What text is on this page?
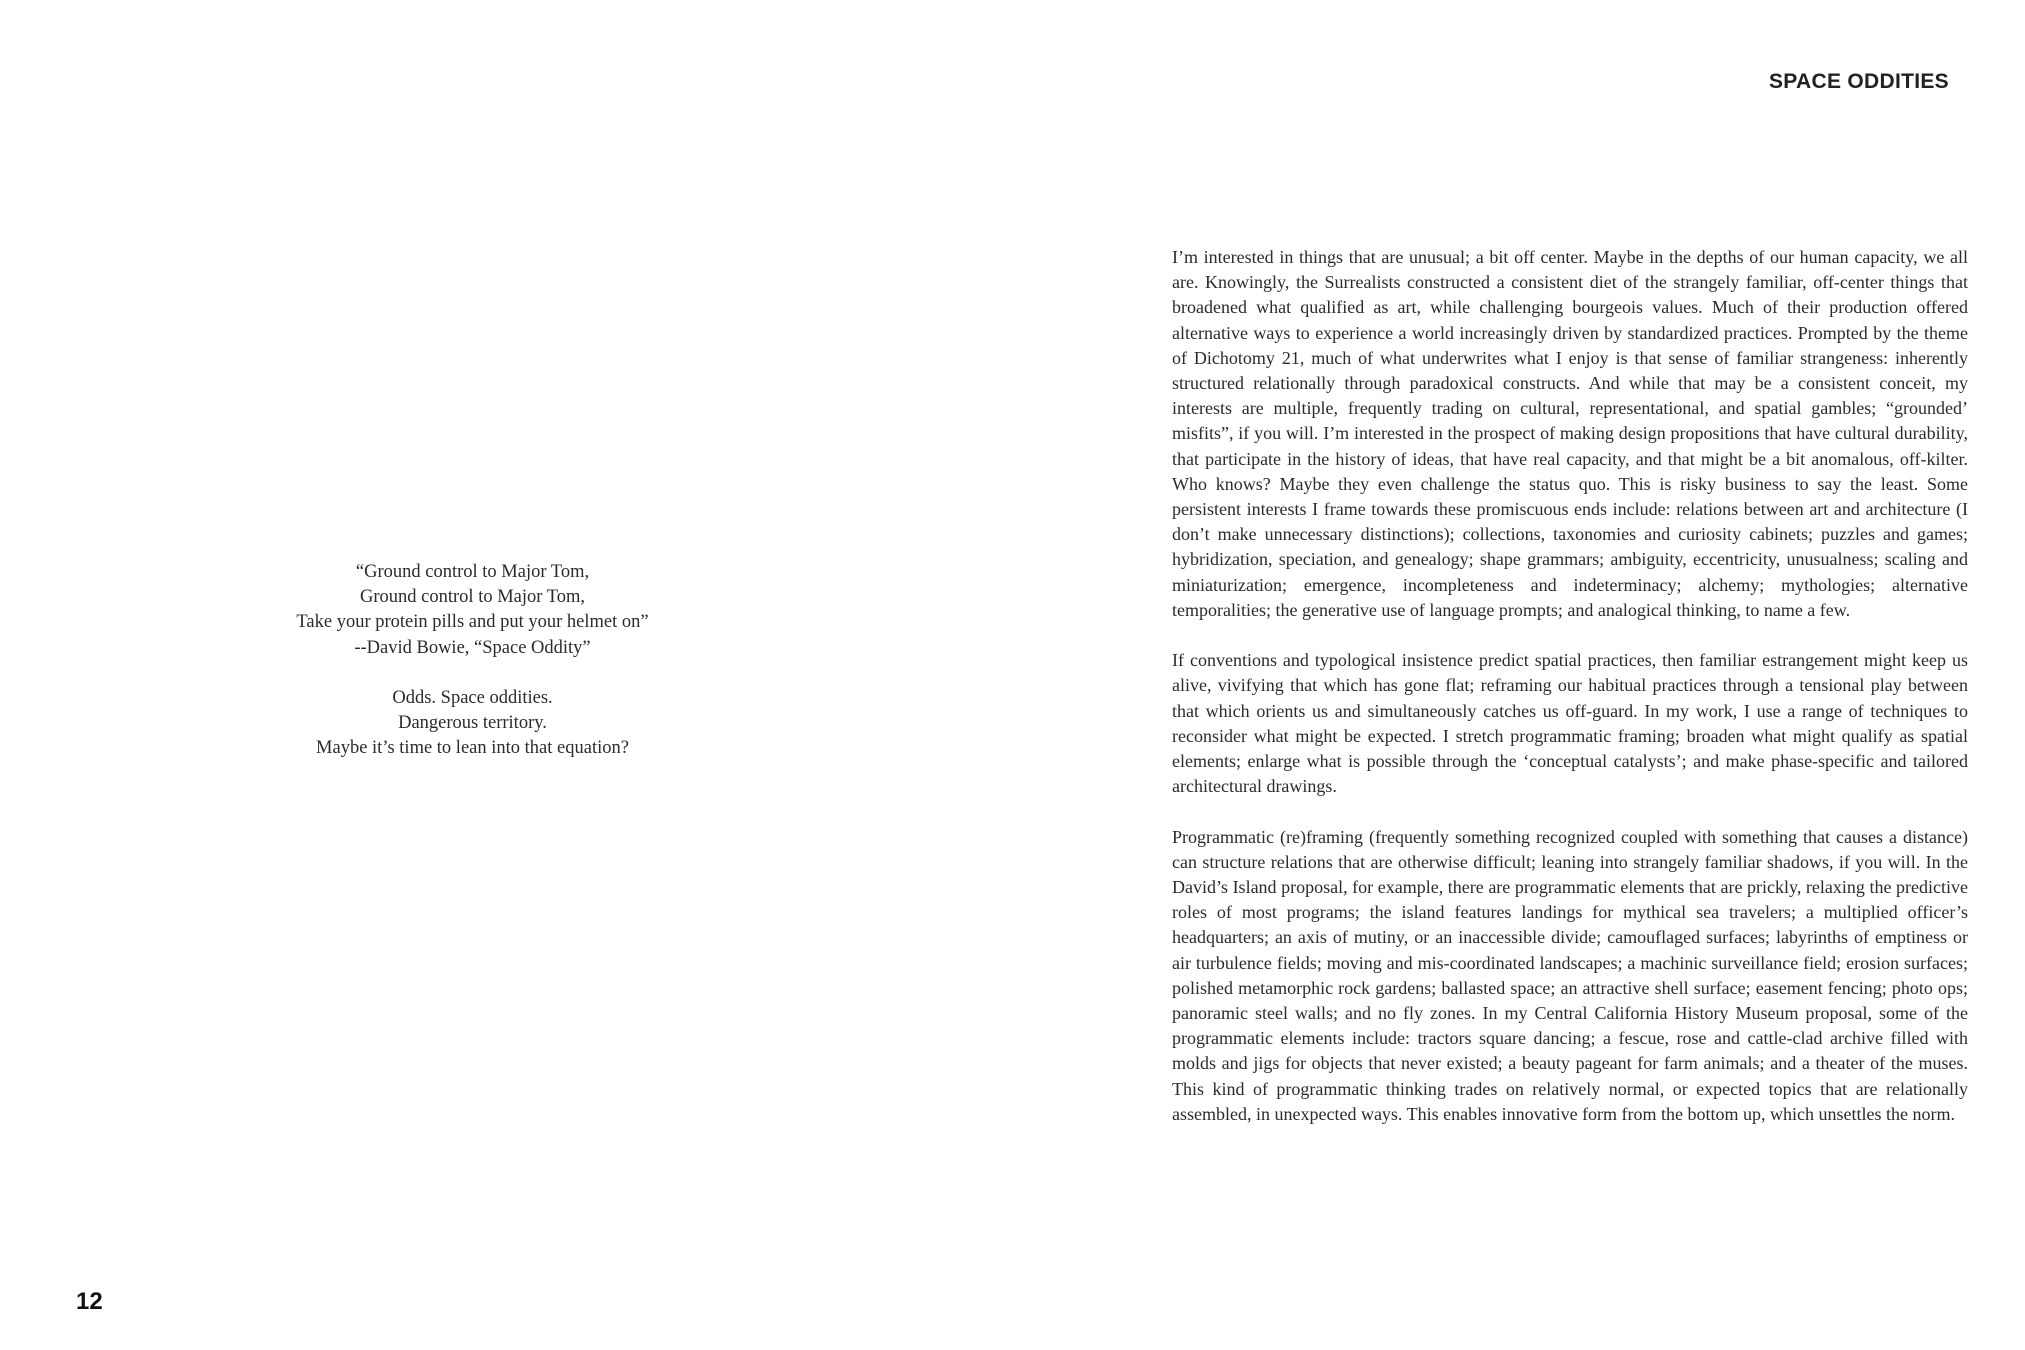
SPACE ODDITIES

“Ground control to Major Tom,
Ground control to Major Tom,
Take your protein pills and put your helmet on”
--David Bowie, “Space Oddity”

Odds. Space oddities.
Dangerous territory.
Maybe it’s time to lean into that equation?

I’m interested in things that are unusual; a bit off center. Maybe in the depths of our human capacity, we all are. Knowingly, the Surrealists constructed a consistent diet of the strangely familiar, off-center things that broadened what qualified as art, while challenging bourgeois values. Much of their production offered alternative ways to experience a world increasingly driven by standardized practices. Prompted by the theme of Dichotomy 21, much of what underwrites what I enjoy is that sense of familiar strangeness: inherently structured relationally through paradoxical constructs. And while that may be a consistent conceit, my interests are multiple, frequently trading on cultural, representational, and spatial gambles; “grounded’ misfits”, if you will. I’m interested in the prospect of making design propositions that have cultural durability, that participate in the history of ideas, that have real capacity, and that might be a bit anomalous, off-kilter. Who knows? Maybe they even challenge the status quo. This is risky business to say the least. Some persistent interests I frame towards these promiscuous ends include: relations between art and architecture (I don’t make unnecessary distinctions); collections, taxonomies and curiosity cabinets; puzzles and games; hybridization, speciation, and genealogy; shape grammars; ambiguity, eccentricity, unusualness; scaling and miniaturization; emergence, incompleteness and indeterminacy; alchemy; mythologies; alternative temporalities; the generative use of language prompts; and analogical thinking, to name a few.

If conventions and typological insistence predict spatial practices, then familiar estrangement might keep us alive, vivifying that which has gone flat; reframing our habitual practices through a tensional play between that which orients us and simultaneously catches us off-guard. In my work, I use a range of techniques to reconsider what might be expected. I stretch programmatic framing; broaden what might qualify as spatial elements; enlarge what is possible through the ‘conceptual catalysts’; and make phase-specific and tailored architectural drawings.

Programmatic (re)framing (frequently something recognized coupled with something that causes a distance) can structure relations that are otherwise difficult; leaning into strangely familiar shadows, if you will. In the David’s Island proposal, for example, there are programmatic elements that are prickly, relaxing the predictive roles of most programs; the island features landings for mythical sea travelers; a multiplied officer’s headquarters; an axis of mutiny, or an inaccessible divide; camouflaged surfaces; labyrinths of emptiness or air turbulence fields; moving and mis-coordinated landscapes; a machinic surveillance field; erosion surfaces; polished metamorphic rock gardens; ballasted space; an attractive shell surface; easement fencing; photo ops; panoramic steel walls; and no fly zones. In my Central California History Museum proposal, some of the programmatic elements include: tractors square dancing; a fescue, rose and cattle-clad archive filled with molds and jigs for objects that never existed; a beauty pageant for farm animals; and a theater of the muses. This kind of programmatic thinking trades on relatively normal, or expected topics that are relationally assembled, in unexpected ways. This enables innovative form from the bottom up, which unsettles the norm.

12
